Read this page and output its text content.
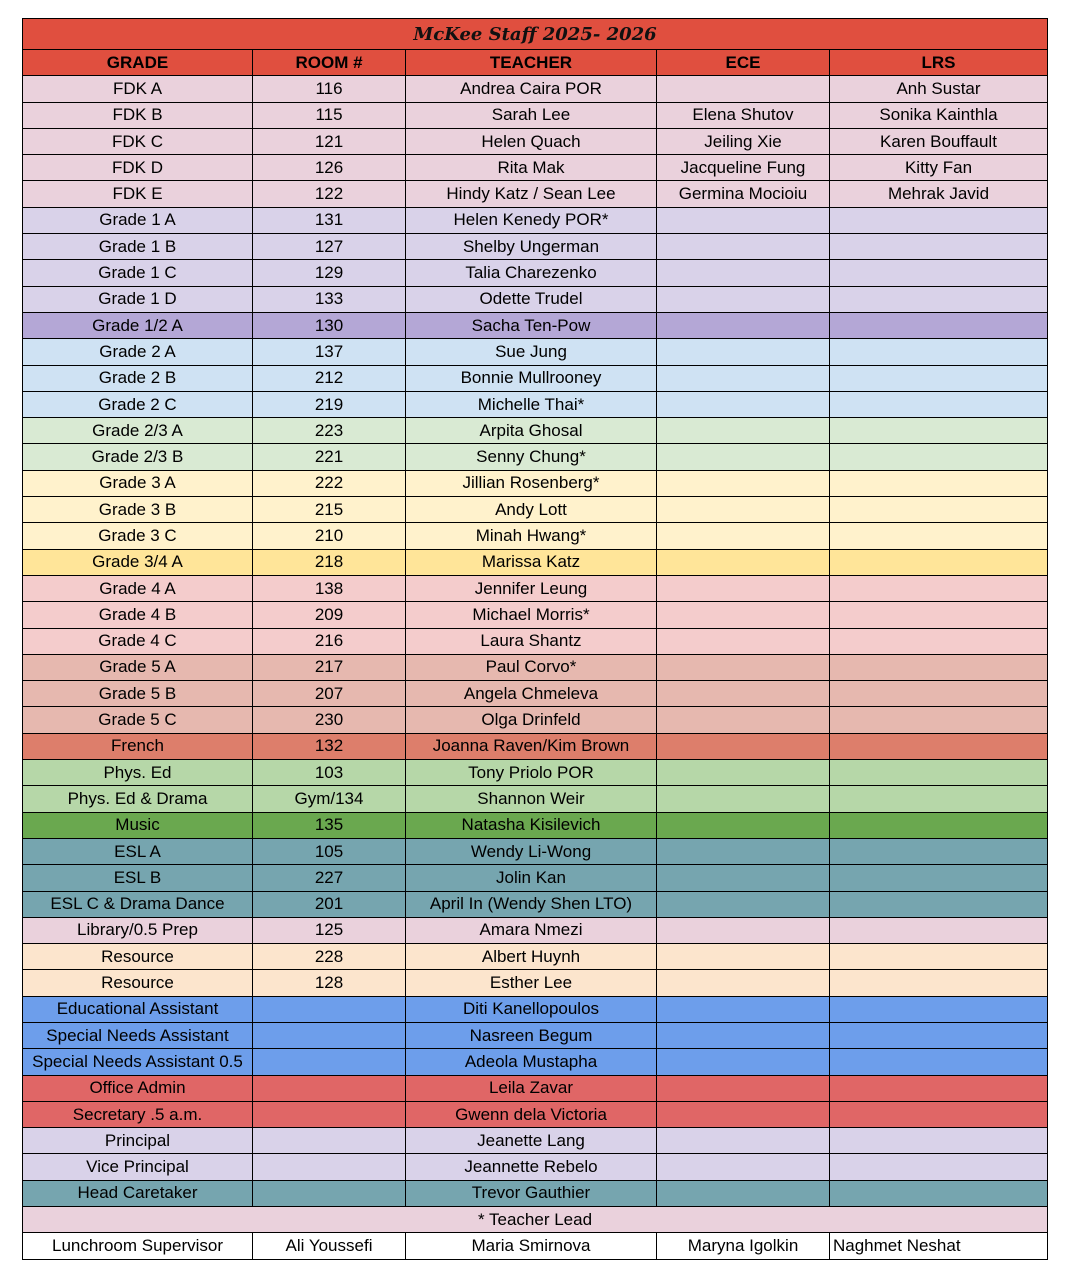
McKee Staff 2025- 2026				
GRADE	ROOM #	TEACHER	ECE	LRS
FDK A	116	Andrea Caira POR		Anh Sustar
FDK B	115	Sarah Lee	Elena Shutov	Sonika Kainthla
FDK C	121	Helen Quach	Jeiling Xie	Karen Bouffault
FDK D	126	Rita Mak	Jacqueline Fung	Kitty Fan
FDK E	122	Hindy Katz / Sean Lee	Germina Mocioiu	Mehrak Javid
Grade 1 A	131	Helen Kenedy POR*		
Grade 1 B	127	Shelby Ungerman		
Grade 1 C	129	Talia Charezenko		
Grade 1 D	133	Odette Trudel		
Grade 1/2 A	130	Sacha Ten-Pow		
Grade 2 A	137	Sue Jung		
Grade 2 B	212	Bonnie Mullrooney		
Grade 2 C	219	Michelle Thai*		
Grade 2/3 A	223	Arpita Ghosal		
Grade 2/3 B	221	Senny Chung*		
Grade 3 A	222	Jillian Rosenberg*		
Grade 3 B	215	Andy Lott		
Grade 3 C	210	Minah Hwang*		
Grade 3/4 A	218	Marissa Katz		
Grade 4 A	138	Jennifer Leung		
Grade 4 B	209	Michael Morris*		
Grade 4 C	216	Laura Shantz		
Grade 5 A	217	Paul Corvo*		
Grade 5 B	207	Angela Chmeleva		
Grade 5 C	230	Olga Drinfeld		
French	132	Joanna Raven/Kim Brown		
Phys. Ed	103	Tony Priolo POR		
Phys. Ed & Drama	Gym/134	Shannon Weir		
Music	135	Natasha Kisilevich		
ESL A	105	Wendy Li-Wong		
ESL B	227	Jolin Kan		
ESL C & Drama Dance	201	April In (Wendy Shen LTO)		
Library/0.5 Prep	125	Amara Nmezi		
Resource	228	Albert Huynh		
Resource	128	Esther Lee		
Educational Assistant		Diti Kanellopoulos		
Special Needs Assistant		Nasreen Begum		
Special Needs Assistant 0.5		Adeola Mustapha		
Office Admin		Leila Zavar		
Secretary .5 a.m.		Gwenn dela Victoria		
Principal		Jeanette Lang		
Vice Principal		Jeannette Rebelo		
Head Caretaker		Trevor Gauthier		
* Teacher Lead				
Lunchroom Supervisor	Ali Youssefi	Maria Smirnova	Maryna Igolkin	Naghmet Neshat
